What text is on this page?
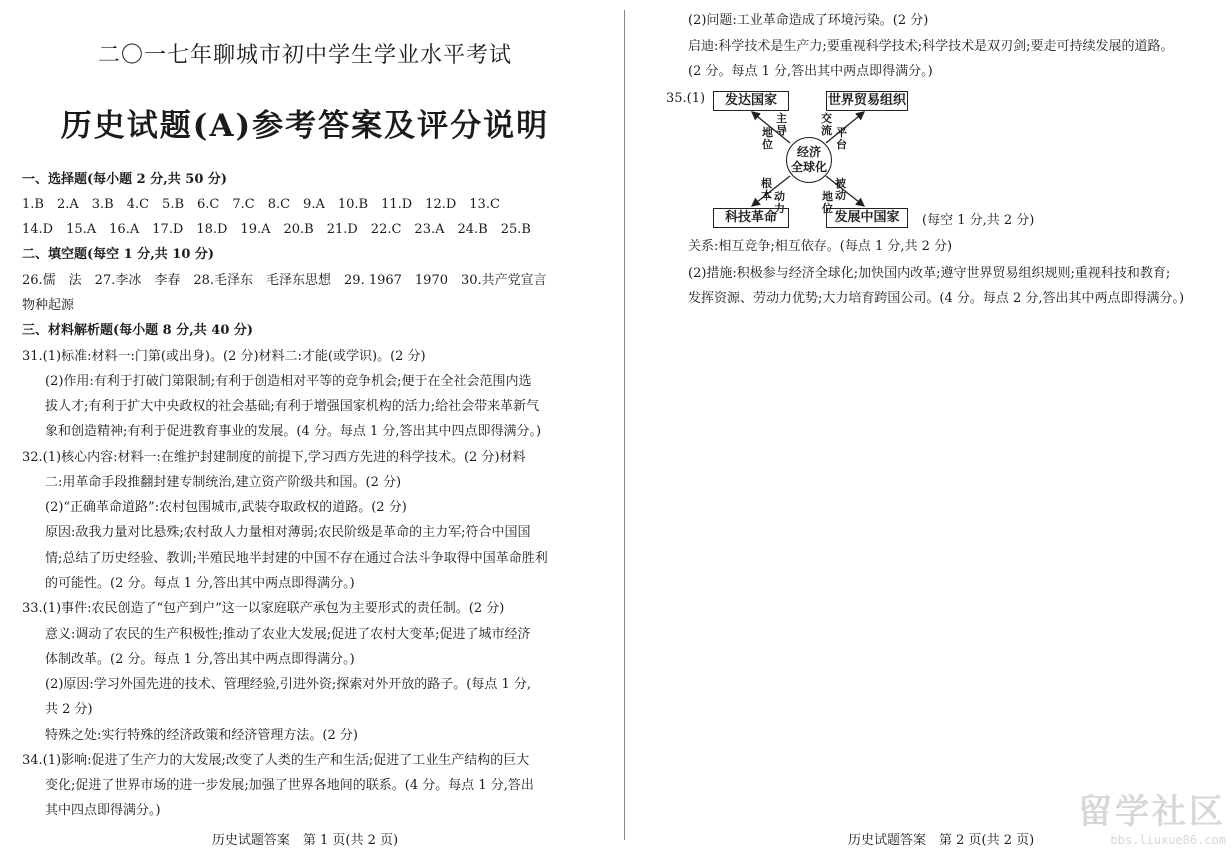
二〇一七年聊城市初中学生学业水平考试
历史试题(A)参考答案及评分说明
一、选择题(每小题 2 分,共 50 分)
1.B　2.A　3.B　4.C　5.B　6.C　7.C　8.C　9.A　10.B　11.D　12.D　13.C
14.D　15.A　16.A　17.D　18.D　19.A　20.B　21.D　22.C　23.A　24.B　25.B
二、填空题(每空 1 分,共 10 分)
26.儒　法　27.李冰　李春　28.毛泽东　毛泽东思想　29. 1967　1970　30.共产党宣言
物种起源
三、材料解析题(每小题 8 分,共 40 分)
31.(1)标准:材料一:门第(或出身)。(2 分)材料二:才能(或学识)。(2 分)
(2)作用:有利于打破门第限制;有利于创造相对平等的竞争机会;便于在全社会范围内选
拔人才;有利于扩大中央政权的社会基础;有利于增强国家机构的活力;给社会带来革新气
象和创造精神;有利于促进教育事业的发展。(4 分。每点 1 分,答出其中四点即得满分。)
32.(1)核心内容:材料一:在维护封建制度的前提下,学习西方先进的科学技术。(2 分)材料
二:用革命手段推翻封建专制统治,建立资产阶级共和国。(2 分)
(2)“正确革命道路”:农村包围城市,武装夺取政权的道路。(2 分)
原因:敌我力量对比悬殊;农村敌人力量相对薄弱;农民阶级是革命的主力军;符合中国国
情;总结了历史经验、教训;半殖民地半封建的中国不存在通过合法斗争取得中国革命胜利
的可能性。(2 分。每点 1 分,答出其中两点即得满分。)
33.(1)事件:农民创造了“包产到户”这一以家庭联产承包为主要形式的责任制。(2 分)
意义:调动了农民的生产积极性;推动了农业大发展;促进了农村大变革;促进了城市经济
体制改革。(2 分。每点 1 分,答出其中两点即得满分。)
(2)原因:学习外国先进的技术、管理经验,引进外资;探索对外开放的路子。(每点 1 分,
共 2 分)
特殊之处:实行特殊的经济政策和经济管理方法。(2 分)
34.(1)影响:促进了生产力的大发展;改变了人类的生产和生活;促进了工业生产结构的巨大
变化;促进了世界市场的进一步发展;加强了世界各地间的联系。(4 分。每点 1 分,答出
其中四点即得满分。)
历史试题答案　第 1 页(共 2 页)
(2)问题:工业革命造成了环境污染。(2 分)
启迪:科学技术是生产力;要重视科学技术;科学技术是双刃剑;要走可持续发展的道路。
(2 分。每点 1 分,答出其中两点即得满分。)
35.(1)	发达国家	世界贸易组织
科技革命	发展中国家
经济
全球化
主导
地位
交流 平台
根本 动力
被动
地位
(每空 1 分,共 2 分)
关系:相互竞争;相互依存。(每点 1 分,共 2 分)
(2)措施:积极参与经济全球化;加快国内改革;遵守世界贸易组织规则;重视科技和教育;
发挥资源、劳动力优势;大力培育跨国公司。(4 分。每点 2 分,答出其中两点即得满分。)
历史试题答案　第 2 页(共 2 页)
留学社区
bbs.liuxue86.com
